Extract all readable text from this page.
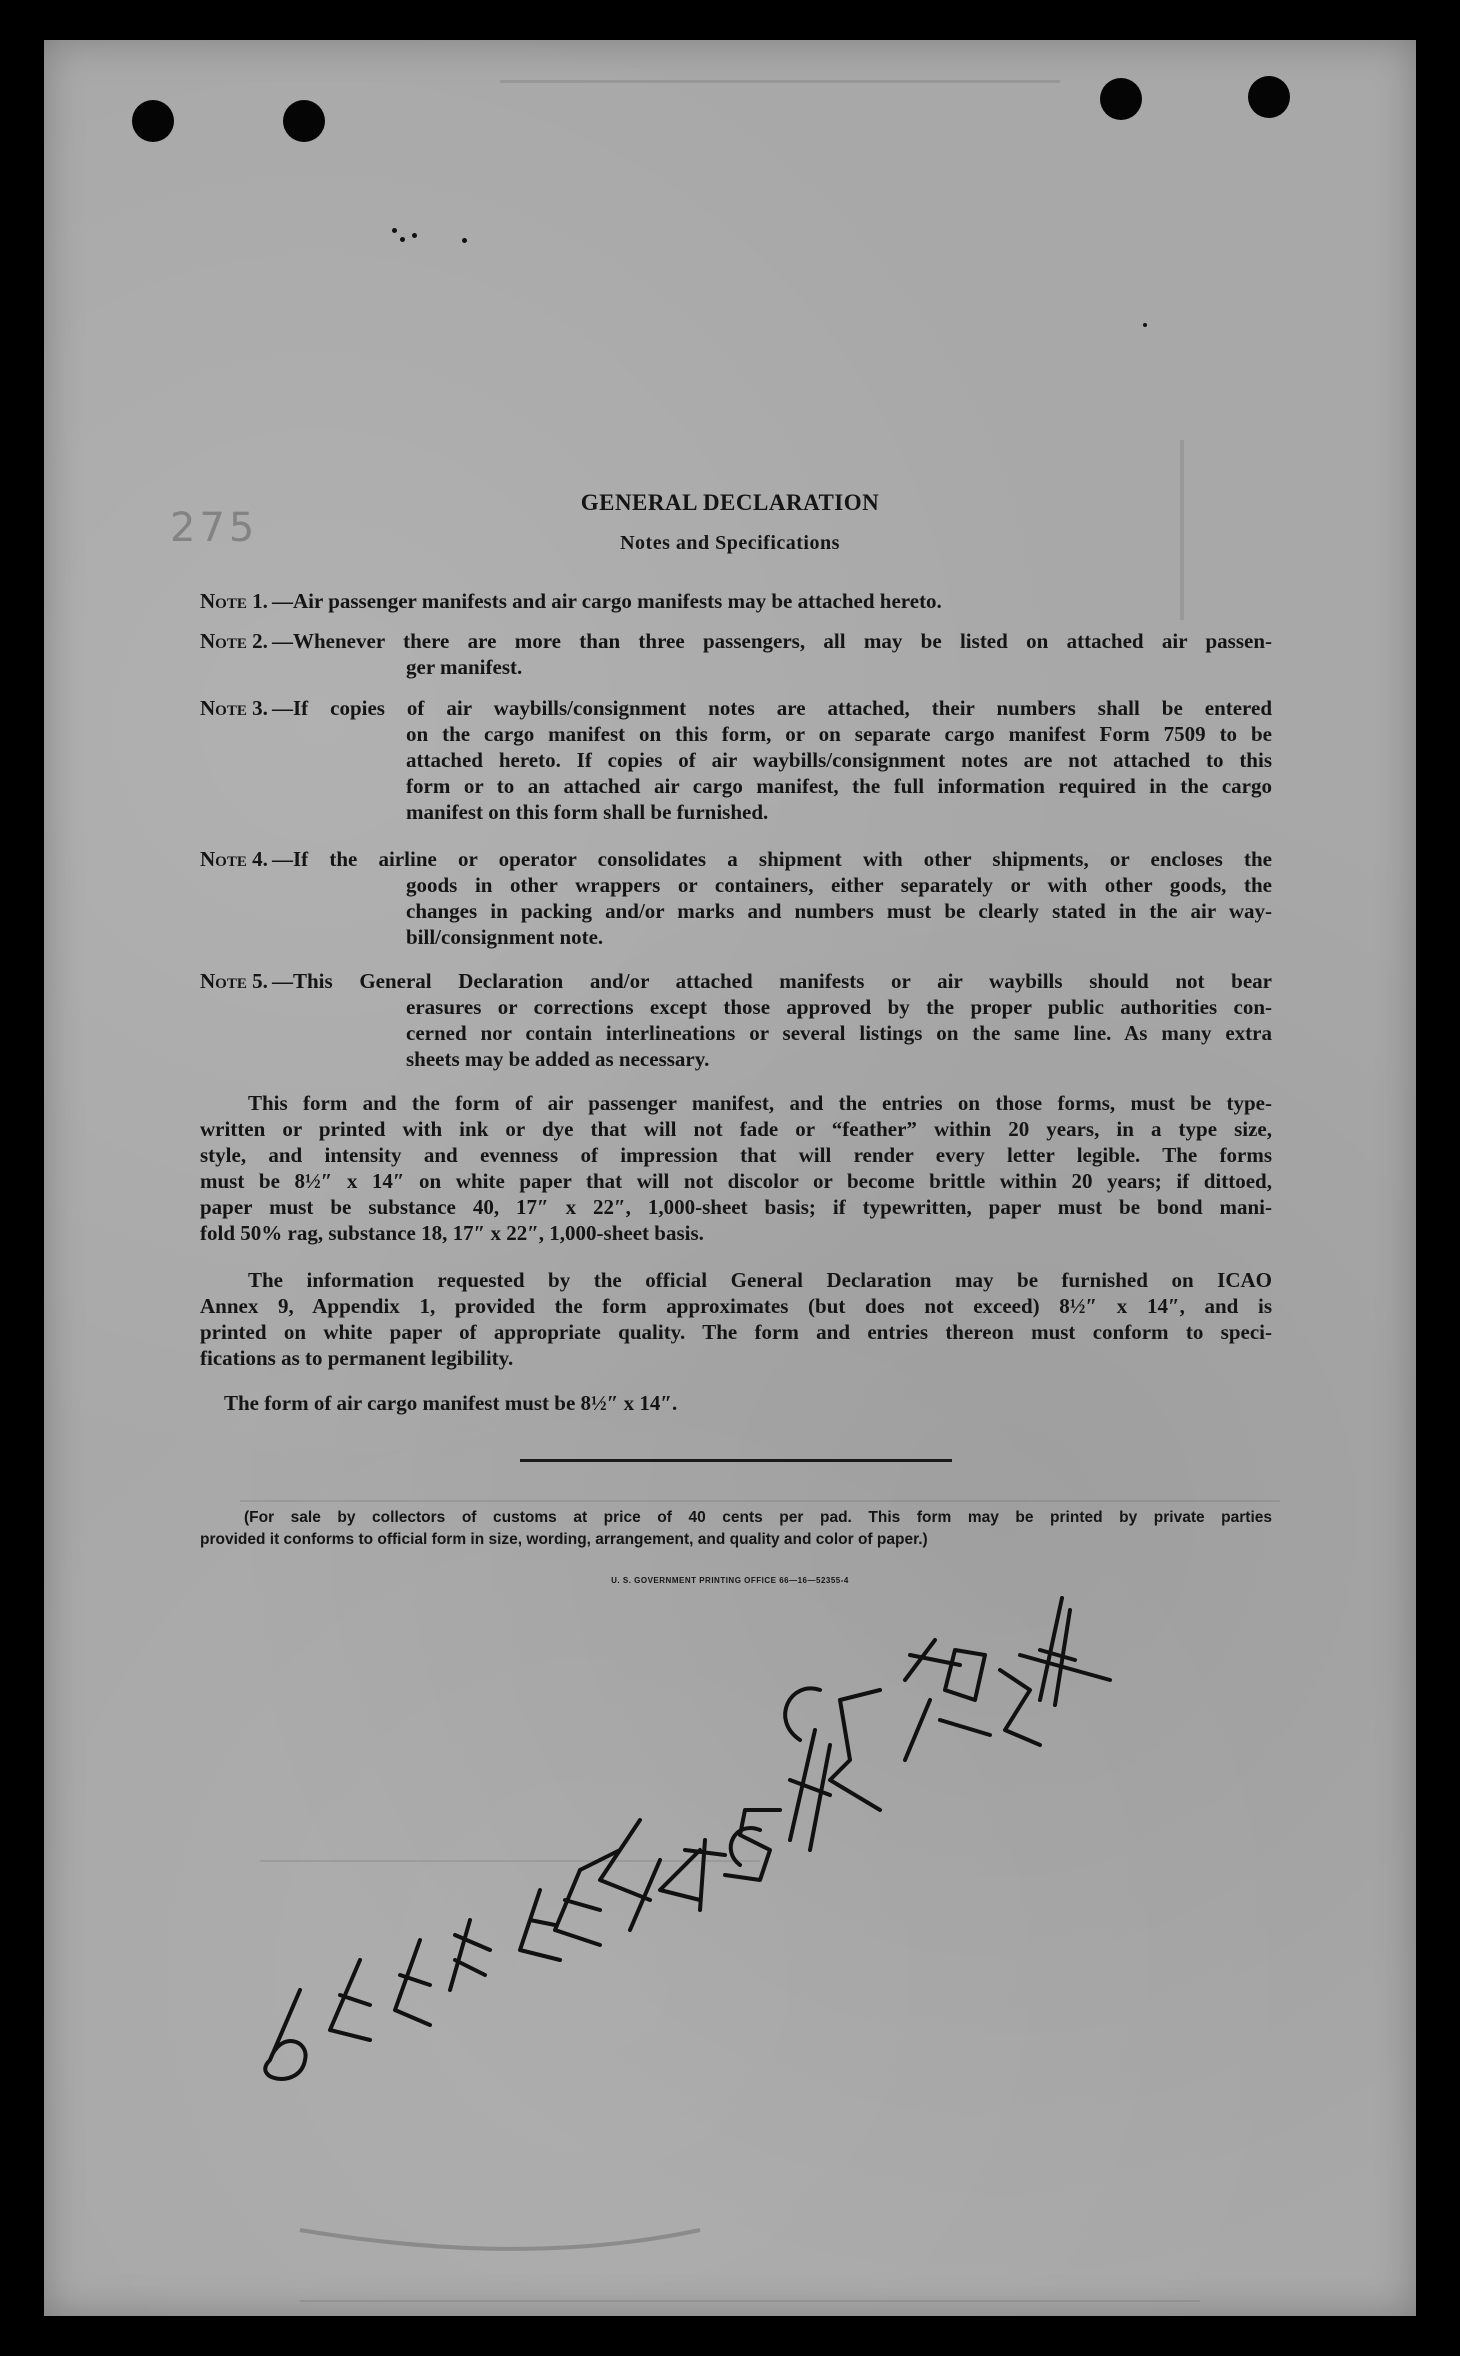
275
GENERAL DECLARATION
Notes and Specifications
—Air passenger manifests and air cargo manifests may be attached hereto.
—Whenever there are more than three passengers, all may be listed on attached air passen-
ger manifest.
—If copies of air waybills/consignment notes are attached, their numbers shall be entered
on the cargo manifest on this form, or on separate cargo manifest Form 7509 to be
attached hereto. If copies of air waybills/consignment notes are not attached to this
form or to an attached air cargo manifest, the full information required in the cargo
manifest on this form shall be furnished.
—If the airline or operator consolidates a shipment with other shipments, or encloses the
goods in other wrappers or containers, either separately or with other goods, the
changes in packing and/or marks and numbers must be clearly stated in the air way-
bill/consignment note.
—This General Declaration and/or attached manifests or air waybills should not bear
erasures or corrections except those approved by the proper public authorities con-
cerned nor contain interlineations or several listings on the same line. As many extra
sheets may be added as necessary.
This form and the form of air passenger manifest, and the entries on those forms, must be type-
written or printed with ink or dye that will not fade or “feather” within 20 years, in a type size,
style, and intensity and evenness of impression that will render every letter legible. The forms
must be 8½″ x 14″ on white paper that will not discolor or become brittle within 20 years; if dittoed,
paper must be substance 40, 17″ x 22″, 1,000-sheet basis; if typewritten, paper must be bond mani-
fold 50% rag, substance 18, 17″ x 22″, 1,000-sheet basis.
The information requested by the official General Declaration may be furnished on ICAO
Annex 9, Appendix 1, provided the form approximates (but does not exceed) 8½″ x 14″, and is
printed on white paper of appropriate quality. The form and entries thereon must conform to speci-
fications as to permanent legibility.
The form of air cargo manifest must be 8½″ x 14″.
(For sale by collectors of customs at price of 40 cents per pad. This form may be printed by private parties
provided it conforms to official form in size, wording, arrangement, and quality and color of paper.)
U. S. GOVERNMENT PRINTING OFFICE 66—16—52355-4
